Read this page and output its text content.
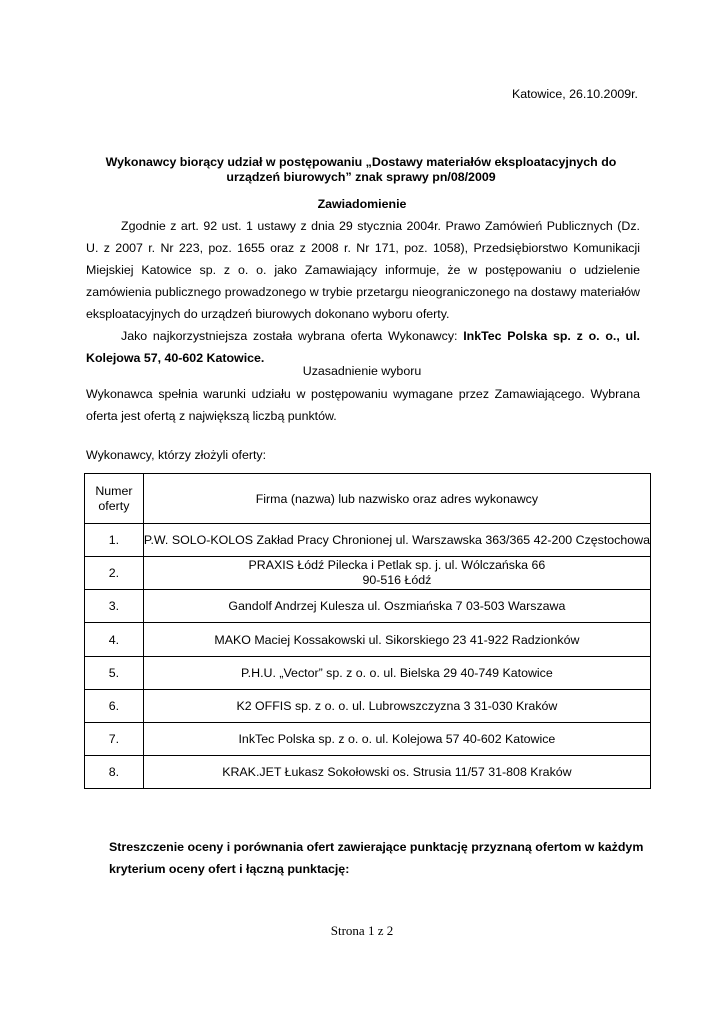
Katowice, 26.10.2009r.
Wykonawcy biorący udział w postępowaniu „Dostawy materiałów eksploatacyjnych do
urządzeń biurowych” znak sprawy pn/08/2009
Zawiadomienie
Zgodnie z art. 92 ust. 1 ustawy z dnia 29 stycznia 2004r. Prawo Zamówień Publicznych (Dz. U. z 2007 r. Nr 223, poz. 1655 oraz z 2008 r. Nr 171, poz. 1058), Przedsiębiorstwo Komunikacji Miejskiej Katowice sp. z o. o. jako Zamawiający informuje, że w postępowaniu o udzielenie zamówienia publicznego prowadzonego w trybie przetargu nieograniczonego na dostawy materiałów eksploatacyjnych do urządzeń biurowych dokonano wyboru oferty.
Jako najkorzystniejsza została wybrana oferta Wykonawcy: InkTec Polska sp. z o. o., ul. Kolejowa 57, 40-602 Katowice.
Uzasadnienie wyboru
Wykonawca spełnia warunki udziału w postępowaniu wymagane przez Zamawiającego. Wybrana oferta jest ofertą z największą liczbą punktów.
Wykonawcy, którzy złożyli oferty:
Numer
oferty	Firma (nazwa) lub nazwisko oraz adres wykonawcy
1.	P.W. SOLO-KOLOS Zakład Pracy Chronionej ul. Warszawska 363/365 42-200 Częstochowa
2.	PRAXIS Łódź Pilecka i Petlak sp. j. ul. Wólczańska 66
90-516 Łódź

3.	Gandolf Andrzej Kulesza ul. Oszmiańska 7 03-503 Warszawa
4.	MAKO Maciej Kossakowski ul. Sikorskiego 23 41-922 Radzionków
5.	P.H.U. „Vector” sp. z o. o. ul. Bielska 29 40-749 Katowice
6.	K2 OFFIS sp. z o. o. ul. Lubrowszczyzna 3 31-030 Kraków
7.	InkTec Polska sp. z o. o. ul. Kolejowa 57 40-602 Katowice
8.	KRAK.JET Łukasz Sokołowski os. Strusia 11/57 31-808 Kraków
Streszczenie oceny i porównania ofert zawierające punktację przyznaną ofertom w każdym kryterium oceny ofert i łączną punktację:
Strona 1 z 2
